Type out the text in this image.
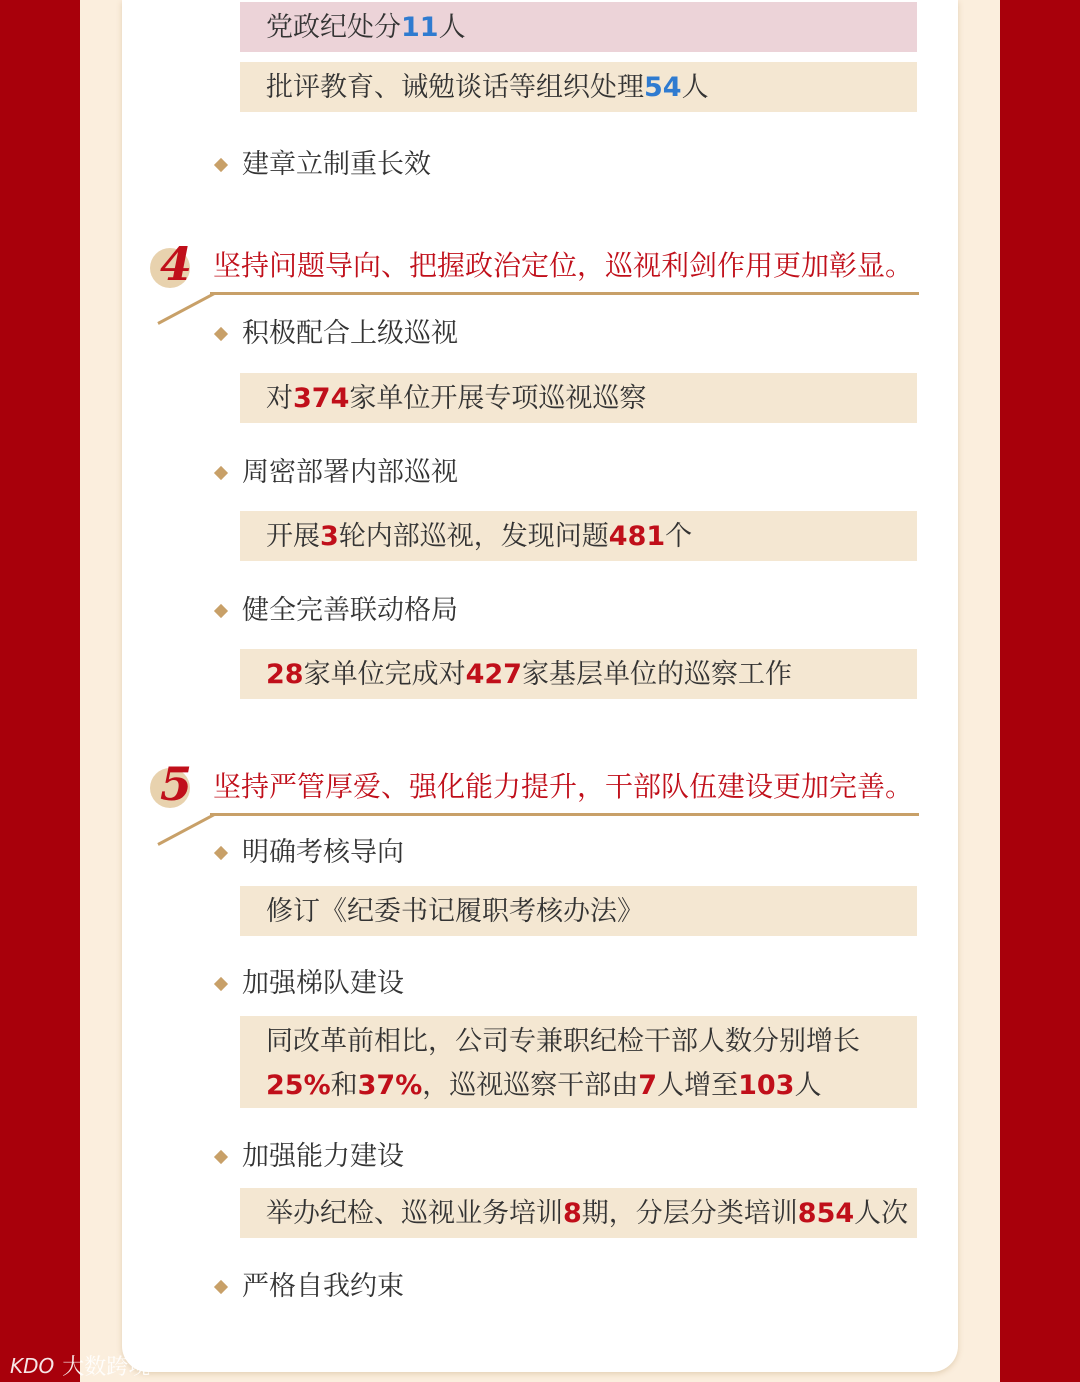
党政纪处分11人
批评教育、诫勉谈话等组织处理54人
建章立制重长效
4 坚持问题导向、把握政治定位，巡视利剑作用更加彰显。
积极配合上级巡视
对374家单位开展专项巡视巡察
周密部署内部巡视
开展3轮内部巡视，发现问题481个
健全完善联动格局
28家单位完成对427家基层单位的巡察工作
5 坚持严管厚爱、强化能力提升，干部队伍建设更加完善。
明确考核导向
修订《纪委书记履职考核办法》
加强梯队建设
同改革前相比，公司专兼职纪检干部人数分别增长
25%和37%，巡视巡察干部由7人增至103人
加强能力建设
举办纪检、巡视业务培训8期，分层分类培训854人次
严格自我约束
KDO 大数跨境
